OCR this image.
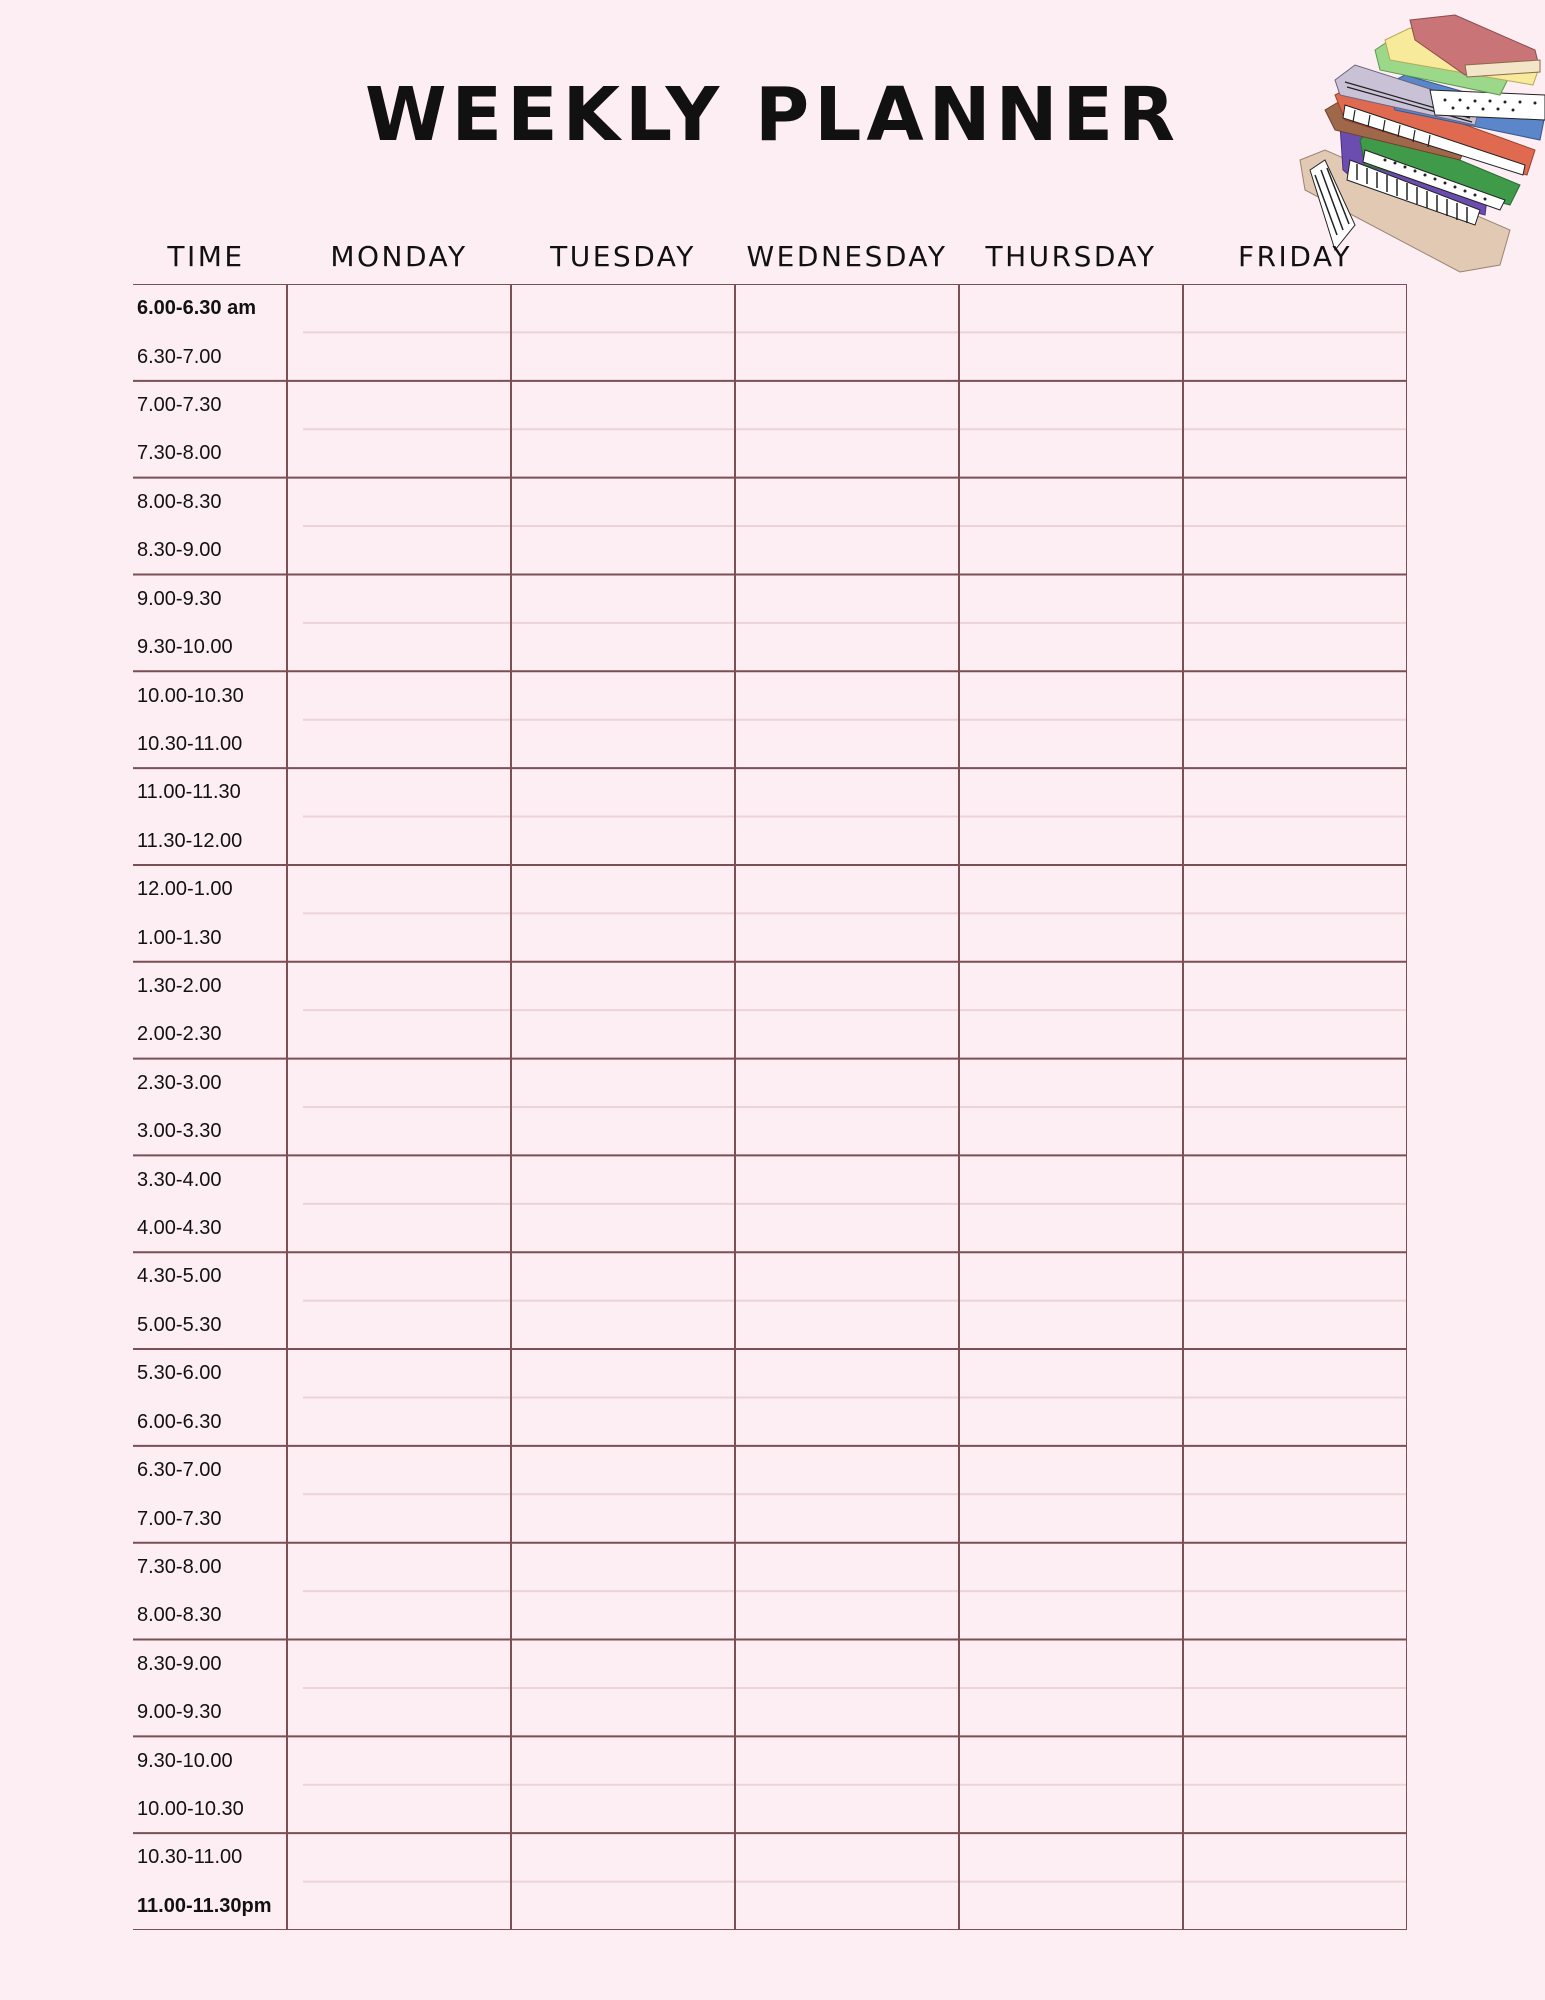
WEEKLY PLANNER
TIME	MONDAY	TUESDAY	WEDNESDAY	THURSDAY	FRIDAY
6.00-6.30 am
6.30-7.00
7.00-7.30
7.30-8.00
8.00-8.30
8.30-9.00
9.00-9.30
9.30-10.00
10.00-10.30
10.30-11.00
11.00-11.30
11.30-12.00
12.00-1.00
1.00-1.30
1.30-2.00
2.00-2.30
2.30-3.00
3.00-3.30
3.30-4.00
4.00-4.30
4.30-5.00
5.00-5.30
5.30-6.00
6.00-6.30
6.30-7.00
7.00-7.30
7.30-8.00
8.00-8.30
8.30-9.00
9.00-9.30
9.30-10.00
10.00-10.30
10.30-11.00
11.00-11.30pm
